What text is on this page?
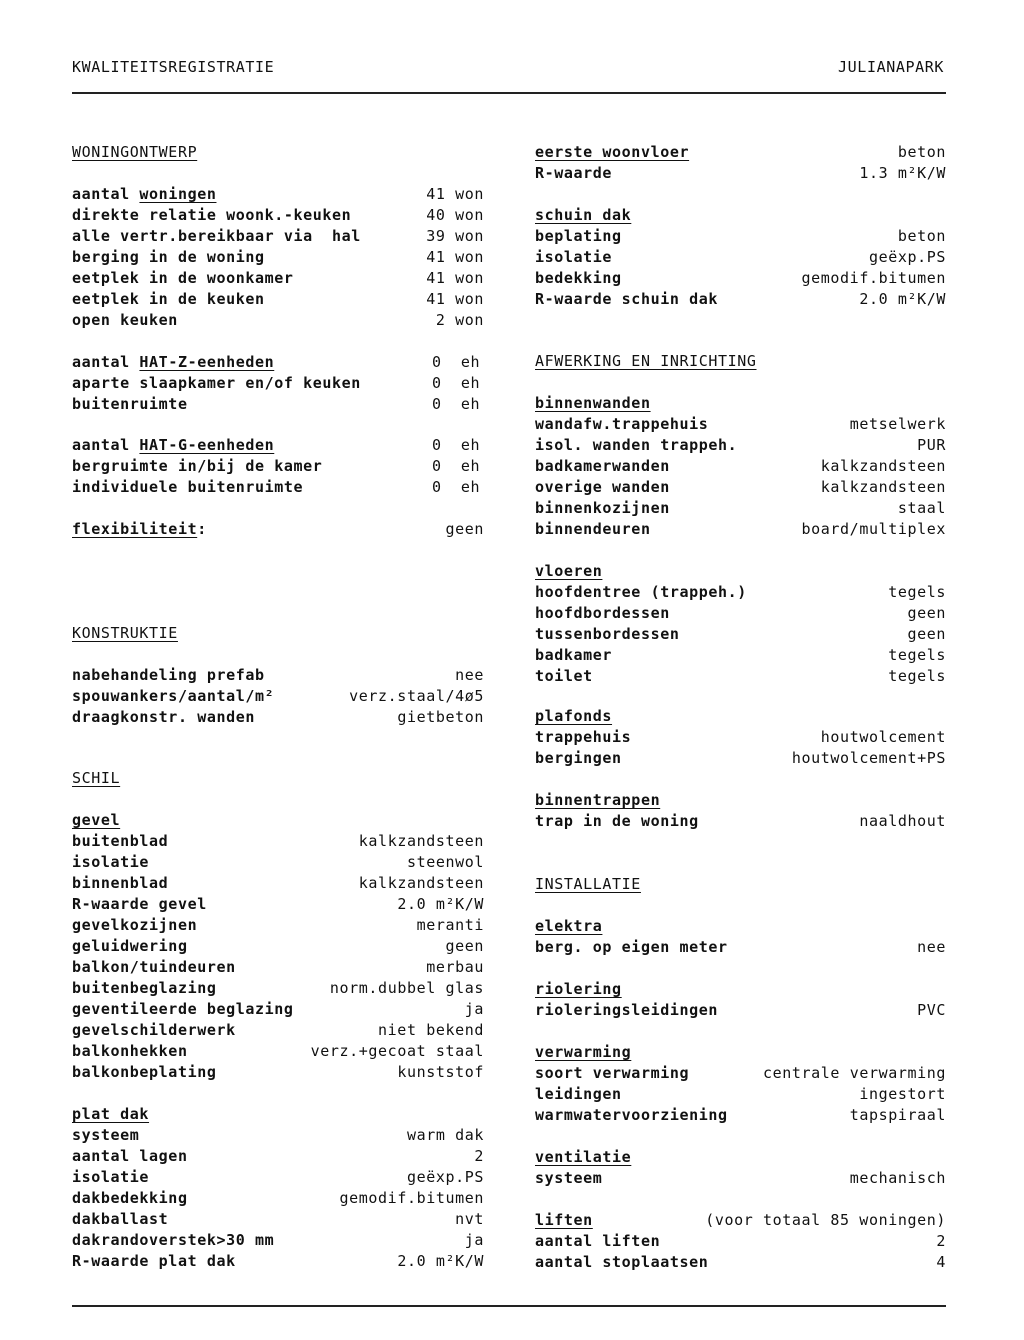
KWALITEITSREGISTRATIE	JULIANAPARK
WONINGONTWERP
aantal woningen	41 won
direkte relatie woonk.-keuken	40 won
alle vertr.bereikbaar via  hal	39 won
berging in de woning	41 won
eetplek in de woonkamer	41 won
eetplek in de keuken	41 won
open keuken	2 won
aantal HAT-Z-eenheden	0  eh
aparte slaapkamer en/of keuken	0  eh
buitenruimte	0  eh
aantal HAT-G-eenheden	0  eh
bergruimte in/bij de kamer	0  eh
individuele buitenruimte	0  eh
flexibiliteit:	geen
KONSTRUKTIE
nabehandeling prefab	nee
spouwankers/aantal/m²	verz.staal/4ø5
draagkonstr. wanden	gietbeton
SCHIL
gevel
buitenblad	kalkzandsteen
isolatie	steenwol
binnenblad	kalkzandsteen
R-waarde gevel	2.0 m²K/W
gevelkozijnen	meranti
geluidwering	geen
balkon/tuindeuren	merbau
buitenbeglazing	norm.dubbel glas
geventileerde beglazing	ja
gevelschilderwerk	niet bekend
balkonhekken	verz.+gecoat staal
balkonbeplating	kunststof
plat dak
systeem	warm dak
aantal lagen	2
isolatie	geëxp.PS
dakbedekking	gemodif.bitumen
dakballast	nvt
dakrandoverstek>30 mm	ja
R-waarde plat dak	2.0 m²K/W
eerste woonvloer	beton
R-waarde	1.3 m²K/W
schuin dak
beplating	beton
isolatie	geëxp.PS
bedekking	gemodif.bitumen
R-waarde schuin dak	2.0 m²K/W
AFWERKING EN INRICHTING
binnenwanden
wandafw.trappehuis	metselwerk
isol. wanden trappeh.	PUR
badkamerwanden	kalkzandsteen
overige wanden	kalkzandsteen
binnenkozijnen	staal
binnendeuren	board/multiplex
vloeren
hoofdentree (trappeh.)	tegels
hoofdbordessen	geen
tussenbordessen	geen
badkamer	tegels
toilet	tegels
plafonds
trappehuis	houtwolcement
bergingen	houtwolcement+PS
binnentrappen
trap in de woning	naaldhout
INSTALLATIE
elektra
berg. op eigen meter	nee
riolering
rioleringsleidingen	PVC
verwarming
soort verwarming	centrale verwarming
leidingen	ingestort
warmwatervoorziening	tapspiraal
ventilatie
systeem	mechanisch
liften	(voor totaal 85 woningen)
aantal liften	2
aantal stoplaatsen	4
